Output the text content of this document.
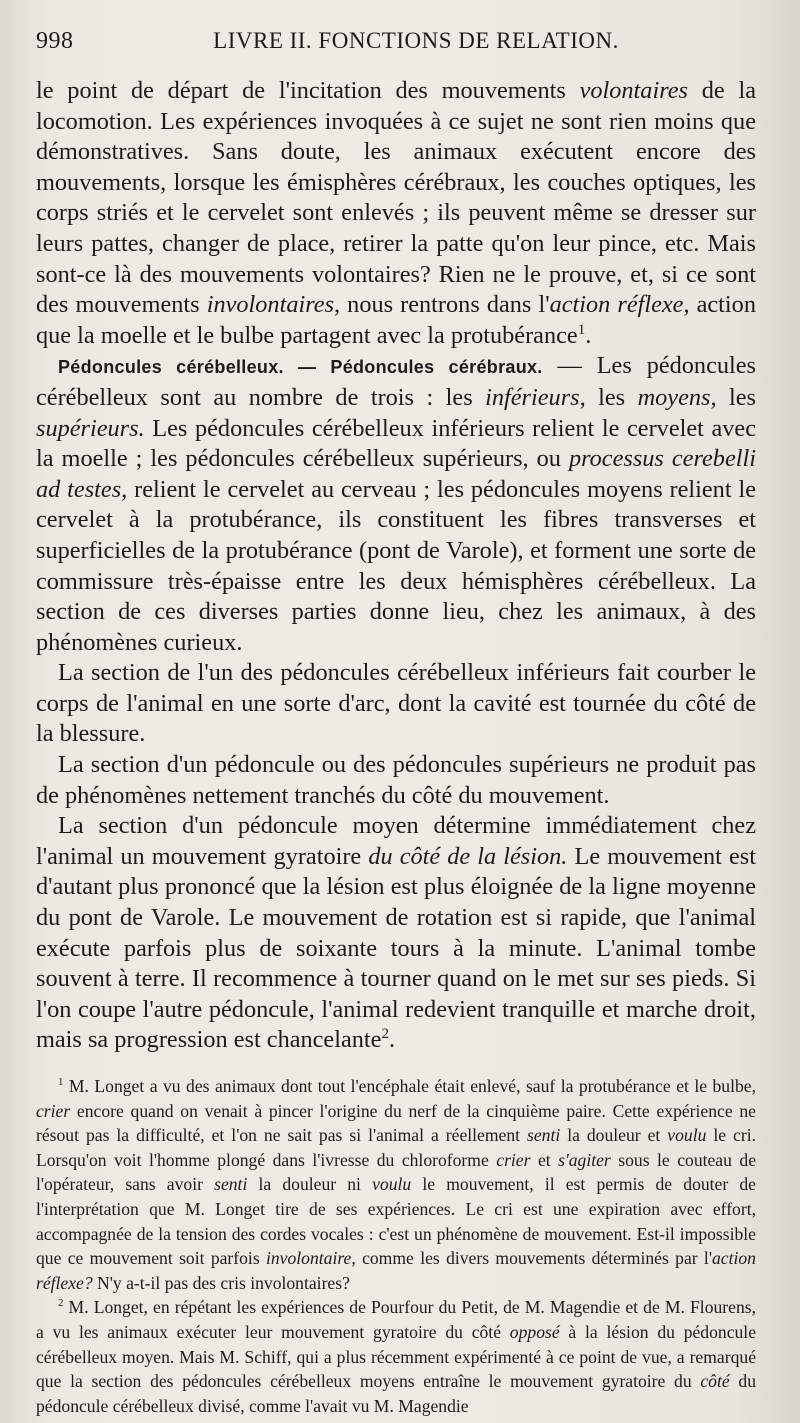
998	LIVRE II. FONCTIONS DE RELATION.

le point de départ de l'incitation des mouvements volontaires de la locomotion. Les expériences invoquées à ce sujet ne sont rien moins que démonstratives. Sans doute, les animaux exécutent encore des mouvements, lorsque les émisphères cérébraux, les couches optiques, les corps striés et le cervelet sont enlevés ; ils peuvent même se dresser sur leurs pattes, changer de place, retirer la patte qu'on leur pince, etc. Mais sont-ce là des mouvements volontaires? Rien ne le prouve, et, si ce sont des mouvements involontaires, nous rentrons dans l'action réflexe, action que la moelle et le bulbe partagent avec la protubérance$^1$.

Pédoncules cérébelleux. — Pédoncules cérébraux. — Les pédoncules cérébelleux sont au nombre de trois : les inférieurs, les moyens, les supérieurs. Les pédoncules cérébelleux inférieurs relient le cervelet avec la moelle ; les pédoncules cérébelleux supérieurs, ou processus cerebelli ad testes, relient le cervelet au cerveau ; les pédoncules moyens relient le cervelet à la protubérance, ils constituent les fibres transverses et superficielles de la protubérance (pont de Varole), et forment une sorte de commissure très-épaisse entre les deux hémisphères cérébelleux. La section de ces diverses parties donne lieu, chez les animaux, à des phénomènes curieux.

La section de l'un des pédoncules cérébelleux inférieurs fait courber le corps de l'animal en une sorte d'arc, dont la cavité est tournée du côté de la blessure.

La section d'un pédoncule ou des pédoncules supérieurs ne produit pas de phénomènes nettement tranchés du côté du mouvement.

La section d'un pédoncule moyen détermine immédiatement chez l'animal un mouvement gyratoire du côté de la lésion. Le mouvement est d'autant plus prononcé que la lésion est plus éloignée de la ligne moyenne du pont de Varole. Le mouvement de rotation est si rapide, que l'animal exécute parfois plus de soixante tours à la minute. L'animal tombe souvent à terre. Il recommence à tourner quand on le met sur ses pieds. Si l'on coupe l'autre pédoncule, l'animal redevient tranquille et marche droit, mais sa progression est chancelante$^2$.

$^1$ M. Longet a vu des animaux dont tout l'encéphale était enlevé, sauf la protubérance et le bulbe, crier encore quand on venait à pincer l'origine du nerf de la cinquième paire. Cette expérience ne résout pas la difficulté, et l'on ne sait pas si l'animal a réellement senti la douleur et voulu le cri. Lorsqu'on voit l'homme plongé dans l'ivresse du chloroforme crier et s'agiter sous le couteau de l'opérateur, sans avoir senti la douleur ni voulu le mouvement, il est permis de douter de l'interprétation que M. Longet tire de ses expériences. Le cri est une expiration avec effort, accompagnée de la tension des cordes vocales : c'est un phénomène de mouvement. Est-il impossible que ce mouvement soit parfois involontaire, comme les divers mouvements déterminés par l'action réflexe? N'y a-t-il pas des cris involontaires?

$^2$ M. Longet, en répétant les expériences de Pourfour du Petit, de M. Magendie et de M. Flourens, a vu les animaux exécuter leur mouvement gyratoire du côté opposé à la lésion du pédoncule cérébelleux moyen. Mais M. Schiff, qui a plus récemment expérimenté à ce point de vue, a remarqué que la section des pédoncules cérébelleux moyens entraîne le mouvement gyratoire du côté du pédoncule cérébelleux divisé, comme l'avait vu M. Magendie
